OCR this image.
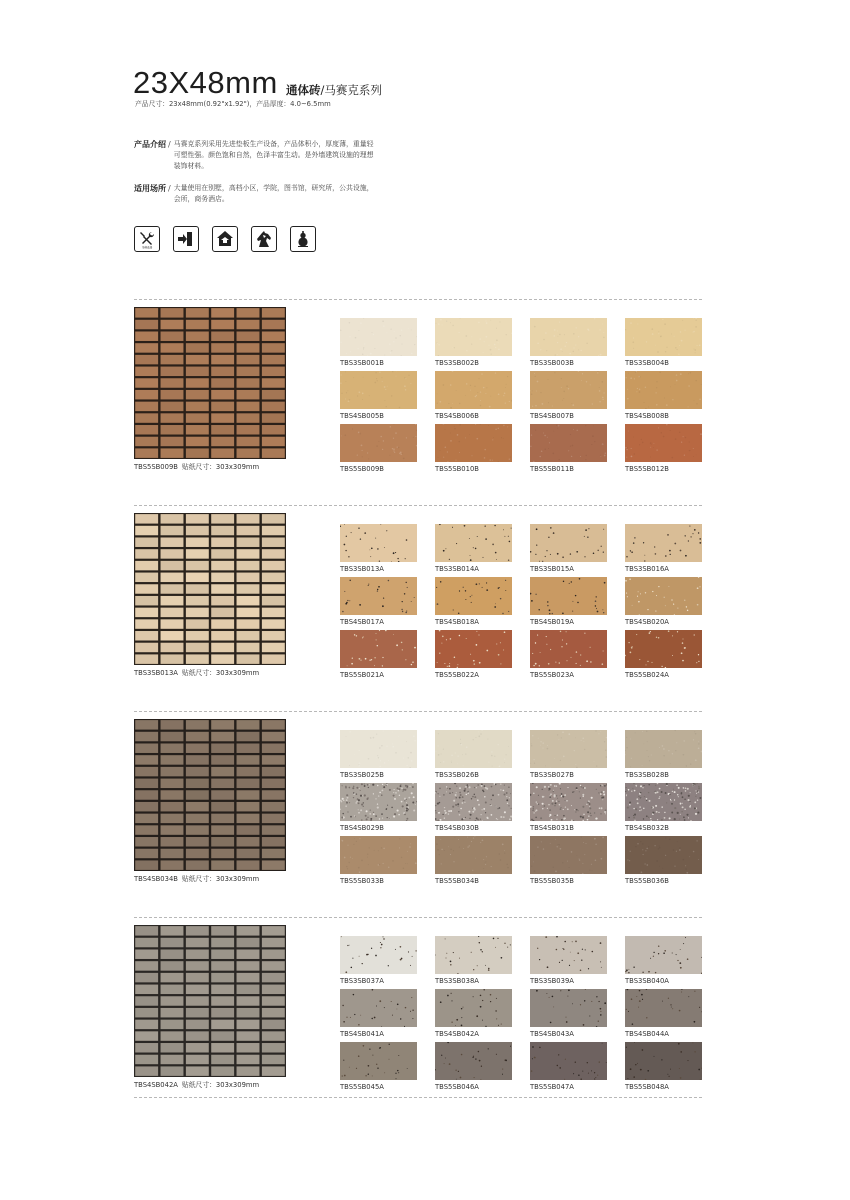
23X48mm 通体砖/马赛克系列
产品尺寸：23x48mm(0.92"x1.92")，产品厚度：4.0~6.5mm
产品介绍 / 马赛克系列采用先进垫板生产设备，产品体积小，厚度薄，重量轻
可塑性强。颜色饱和自然，色泽丰富生动。是外墙建筑设施的理想
装饰材料。
适用场所 / 大量使用在别墅，高档小区，学院，图书馆，研究所，公共设施，
会所，商务酒店。
多种选择
TBS5SB009B 贴纸尺寸：303x309mm
TBS3SB001B	TBS3SB002B	TBS3SB003B	TBS3SB004B
TBS4SB005B	TBS4SB006B	TBS4SB007B	TBS4SB008B
TBS5SB009B	TBS5SB010B	TBS5SB011B	TBS5SB012B
TBS3SB013A 贴纸尺寸：303x309mm
TBS3SB013A	TBS3SB014A	TBS3SB015A	TBS3SB016A
TBS4SB017A	TBS4SB018A	TBS4SB019A	TBS4SB020A
TBS5SB021A	TBS5SB022A	TBS5SB023A	TBS5SB024A
TBS4SB034B 贴纸尺寸：303x309mm
TBS3SB025B	TBS3SB026B	TBS3SB027B	TBS3SB028B
TBS4SB029B	TBS4SB030B	TBS4SB031B	TBS4SB032B
TBS5SB033B	TBS5SB034B	TBS5SB035B	TBS5SB036B
TBS4SB042A 贴纸尺寸：303x309mm
TBS3SB037A	TBS3SB038A	TBS3SB039A	TBS3SB040A
TBS4SB041A	TBS4SB042A	TBS4SB043A	TBS4SB044A
TBS5SB045A	TBS5SB046A	TBS5SB047A	TBS5SB048A
